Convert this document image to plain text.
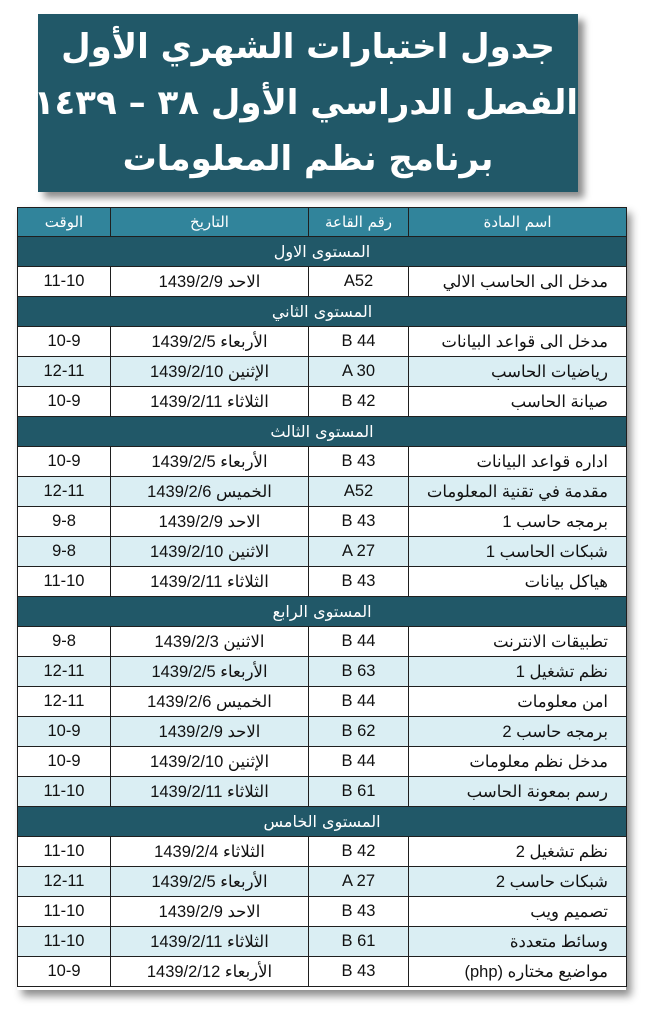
جدول اختبارات الشهري الأول
الفصل الدراسي الأول ٣٨ – ١٤٣٩
برنامج نظم المعلومات
الوقت	التاريخ	رقم القاعة	اسم المادة
المستوى الاول			
11-10	الاحد 1439/2/9	A52	مدخل الى الحاسب الالي
المستوى الثاني			
10-9	الأربعاء 1439/2/5	B 44	مدخل الى قواعد البيانات
12-11	الإثنين 1439/2/10	A 30	رياضيات الحاسب
10-9	الثلاثاء 1439/2/11	B 42	صيانة الحاسب
المستوى الثالث			
10-9	الأربعاء 1439/2/5	B 43	اداره قواعد البيانات
12-11	الخميس 1439/2/6	A52	مقدمة في تقنية المعلومات
9-8	الاحد 1439/2/9	B 43	برمجه حاسب 1
9-8	الاثنين 1439/2/10	A 27	شبكات الحاسب 1
11-10	الثلاثاء 1439/2/11	B 43	هياكل بيانات
المستوى الرابع			
9-8	الاثنين 1439/2/3	B 44	تطبيقات الانترنت
12-11	الأربعاء 1439/2/5	B 63	نظم تشغيل 1
12-11	الخميس 1439/2/6	B 44	امن معلومات
10-9	الاحد 1439/2/9	B 62	برمجه حاسب 2
10-9	الإثنين 1439/2/10	B 44	مدخل نظم معلومات
11-10	الثلاثاء 1439/2/11	B 61	رسم بمعونة الحاسب
المستوى الخامس			
11-10	الثلاثاء 1439/2/4	B 42	نظم تشغيل 2
12-11	الأربعاء 1439/2/5	A 27	شبكات حاسب 2
11-10	الاحد 1439/2/9	B 43	تصميم ويب
11-10	الثلاثاء 1439/2/11	B 61	وسائط متعددة
10-9	الأربعاء 1439/2/12	B 43	مواضيع مختاره (php)
